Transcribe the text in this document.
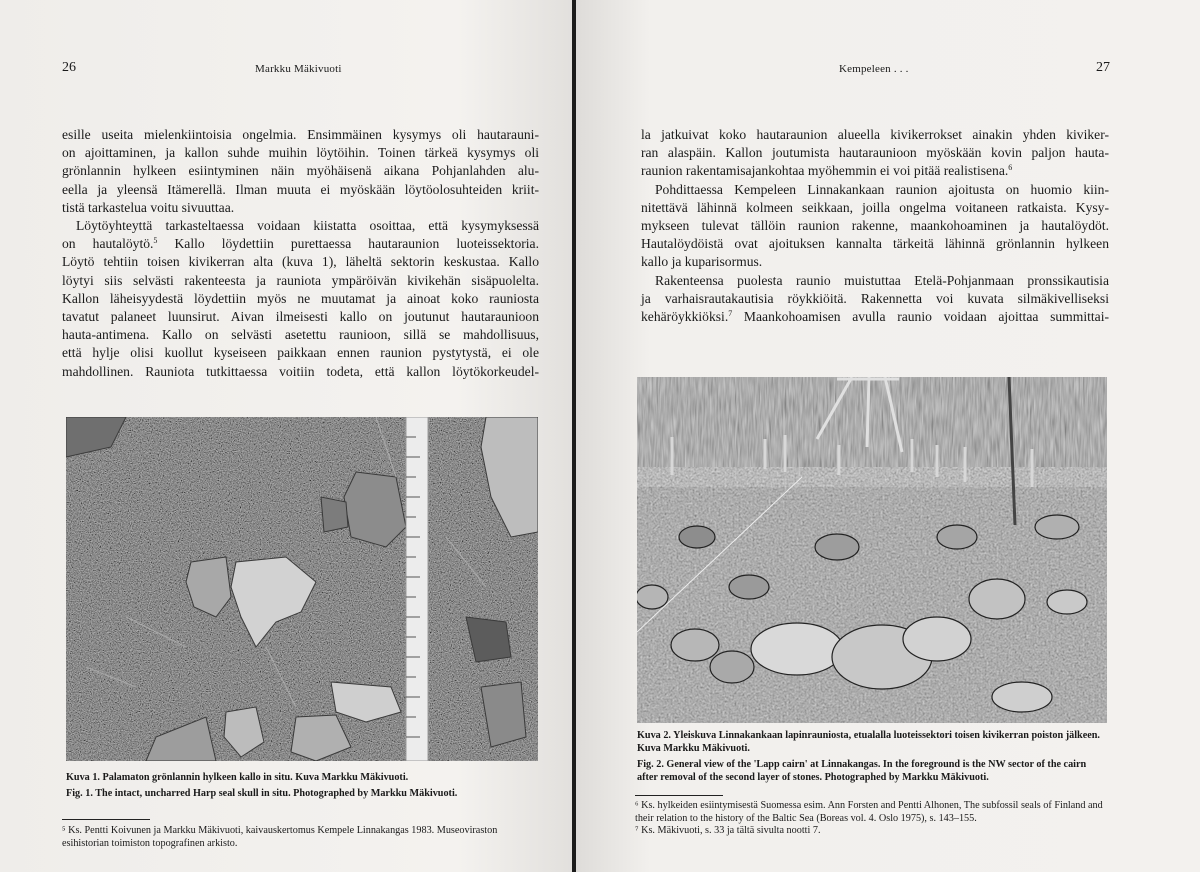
26	Markku Mäkivuoti

esille useita mielenkiintoisia ongelmia. Ensimmäinen kysymys oli hautarauni-

on ajoittaminen, ja kallon suhde muihin löytöihin. Toinen tärkeä kysymys oli

grönlannin hylkeen esiintyminen näin myöhäisenä aikana Pohjanlahden alu-

eella ja yleensä Itämerellä. Ilman muuta ei myöskään löytöolosuhteiden kriit-

tistä tarkastelua voitu sivuuttaa.

Löytöyhteyttä tarkasteltaessa voidaan kiistatta osoittaa, että kysymyksessä

on hautalöytö.$^5$ Kallo löydettiin purettaessa hautaraunion luoteissektoria.

Löytö tehtiin toisen kivikerran alta (kuva 1), läheltä sektorin keskustaa. Kallo

löytyi siis selvästi rakenteesta ja rauniota ympäröivän kivikehän sisäpuolelta.

Kallon läheisyydestä löydettiin myös ne muutamat ja ainoat koko rauniosta

tavatut palaneet luunsirut. Aivan ilmeisesti kallo on joutunut hautaraunioon

hauta-antimena. Kallo on selvästi asetettu raunioon, sillä se mahdollisuus,

että hylje olisi kuollut kyseiseen paikkaan ennen raunion pystytystä, ei ole

mahdollinen. Rauniota tutkittaessa voitiin todeta, että kallon löytökorkeudel-

Kuva 1. Palamaton grönlannin hylkeen kallo in situ. Kuva Markku Mäkivuoti.

Fig. 1. The intact, uncharred Harp seal skull in situ. Photographed by Markku Mäkivuoti.

⁵ Ks. Pentti Koivunen ja Markku Mäkivuoti, kaivauskertomus Kempele Linnakangas 1983. Museoviraston esihistorian toimiston topografinen arkisto.

Kempeleen . . .	27

la jatkuivat koko hautaraunion alueella kivikerrokset ainakin yhden kiviker-

ran alaspäin. Kallon joutumista hautaraunioon myöskään kovin paljon hauta-

raunion rakentamisajankohtaa myöhemmin ei voi pitää realistisena.$^6$

Pohdittaessa Kempeleen Linnakankaan raunion ajoitusta on huomio kiin-

nitettävä lähinnä kolmeen seikkaan, joilla ongelma voitaneen ratkaista. Kysy-

mykseen tulevat tällöin raunion rakenne, maankohoaminen ja hautalöydöt.

Hautalöydöistä ovat ajoituksen kannalta tärkeitä lähinnä grönlannin hylkeen

kallo ja kuparisormus.

Rakenteensa puolesta raunio muistuttaa Etelä-Pohjanmaan pronssikautisia

ja varhaisrautakautisia röykkiöitä. Rakennetta voi kuvata silmäkivelliseksi

kehäröykkiöksi.$^7$ Maankohoamisen avulla raunio voidaan ajoittaa summittai-

Kuva 2. Yleiskuva Linnakankaan lapinrauniosta, etualalla luoteissektori toisen kivikerran poiston jälkeen. Kuva Markku Mäkivuoti.

Fig. 2. General view of the 'Lapp cairn' at Linnakangas. In the foreground is the NW sector of the cairn after removal of the second layer of stones. Photographed by Markku Mäkivuoti.

⁶ Ks. hylkeiden esiintymisestä Suomessa esim. Ann Forsten and Pentti Alhonen, The subfossil seals of Finland and their relation to the history of the Baltic Sea (Boreas vol. 4. Oslo 1975), s. 143–155.

⁷ Ks. Mäkivuoti, s. 33 ja tältä sivulta nootti 7.
